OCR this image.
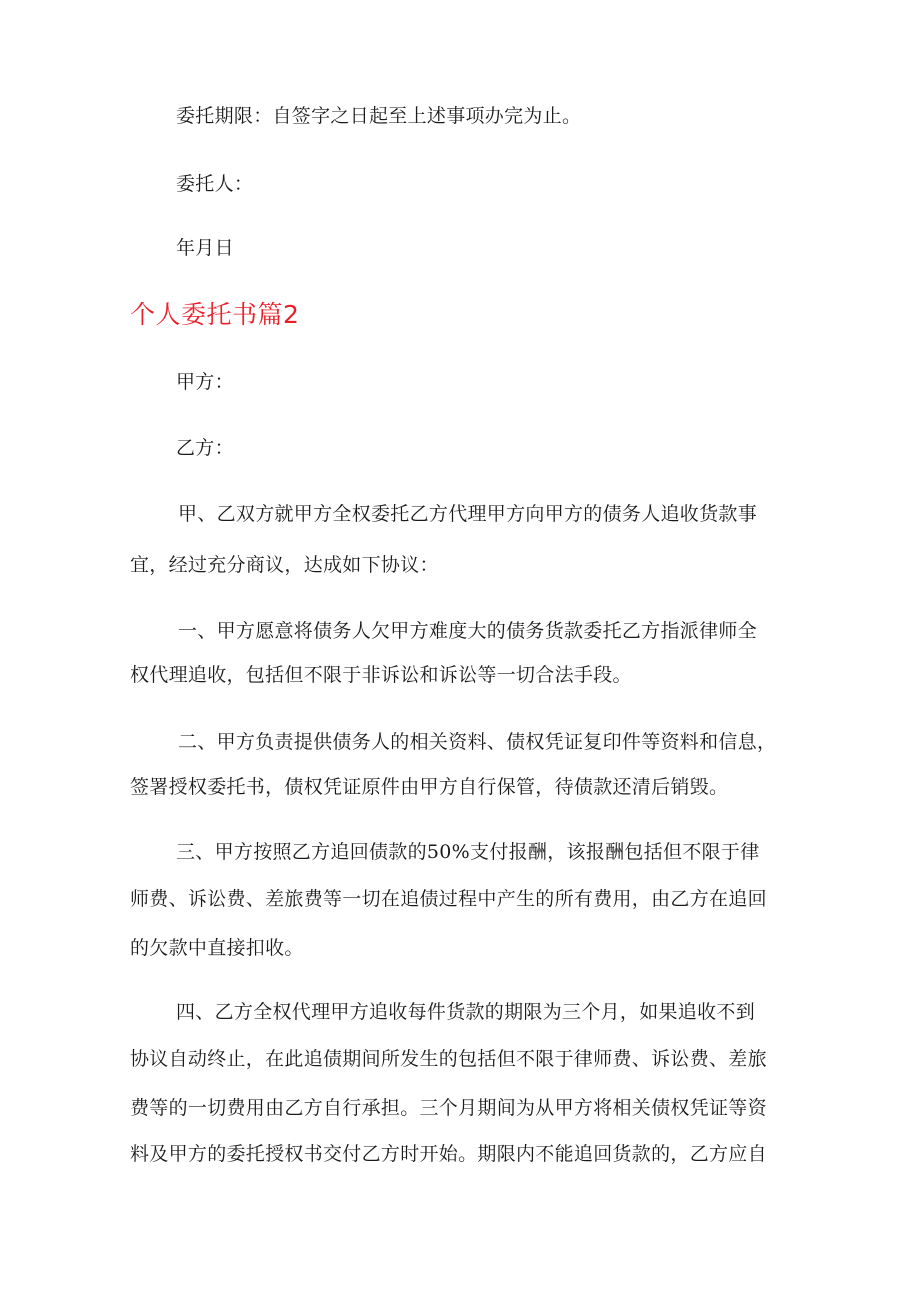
委托期限：自签字之日起至上述事项办完为止。
委托人：
年月日
个人委托书篇2
甲方：
乙方：
甲、乙双方就甲方全权委托乙方代理甲方向甲方的债务人追收货款事
宜，经过充分商议，达成如下协议：
一、甲方愿意将债务人欠甲方难度大的债务货款委托乙方指派律师全
权代理追收，包括但不限于非诉讼和诉讼等一切合法手段。
二、甲方负责提供债务人的相关资料、债权凭证复印件等资料和信息，
签署授权委托书，债权凭证原件由甲方自行保管，待债款还清后销毁。
三、甲方按照乙方追回债款的50%支付报酬，该报酬包括但不限于律
师费、诉讼费、差旅费等一切在追债过程中产生的所有费用，由乙方在追回
的欠款中直接扣收。
四、乙方全权代理甲方追收每件货款的期限为三个月，如果追收不到
协议自动终止，在此追债期间所发生的包括但不限于律师费、诉讼费、差旅
费等的一切费用由乙方自行承担。三个月期间为从甲方将相关债权凭证等资
料及甲方的委托授权书交付乙方时开始。期限内不能追回货款的，乙方应自
